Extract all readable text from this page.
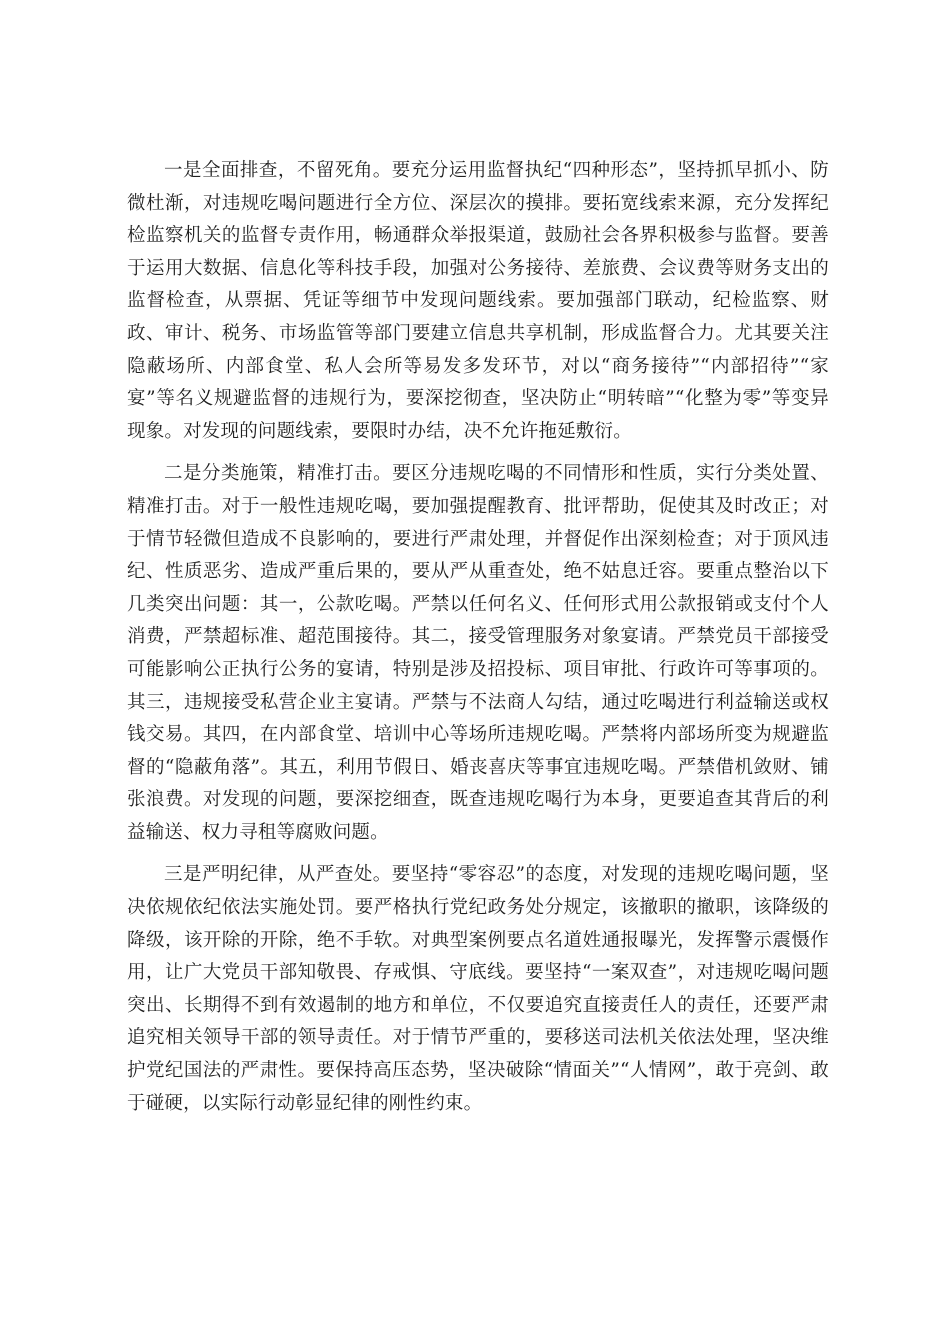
一是全面排查，不留死角。要充分运用监督执纪“四种形态”，坚持抓早抓小、防微杜渐，对违规吃喝问题进行全方位、深层次的摸排。要拓宽线索来源，充分发挥纪检监察机关的监督专责作用，畅通群众举报渠道，鼓励社会各界积极参与监督。要善于运用大数据、信息化等科技手段，加强对公务接待、差旅费、会议费等财务支出的监督检查，从票据、凭证等细节中发现问题线索。要加强部门联动，纪检监察、财政、审计、税务、市场监管等部门要建立信息共享机制，形成监督合力。尤其要关注隐蔽场所、内部食堂、私人会所等易发多发环节，对以“商务接待”“内部招待”“家宴”等名义规避监督的违规行为，要深挖彻查，坚决防止“明转暗”“化整为零”等变异现象。对发现的问题线索，要限时办结，决不允许拖延敷衍。

二是分类施策，精准打击。要区分违规吃喝的不同情形和性质，实行分类处置、精准打击。对于一般性违规吃喝，要加强提醒教育、批评帮助，促使其及时改正；对于情节轻微但造成不良影响的，要进行严肃处理，并督促作出深刻检查；对于顶风违纪、性质恶劣、造成严重后果的，要从严从重查处，绝不姑息迁容。要重点整治以下几类突出问题：其一，公款吃喝。严禁以任何名义、任何形式用公款报销或支付个人消费，严禁超标准、超范围接待。其二，接受管理服务对象宴请。严禁党员干部接受可能影响公正执行公务的宴请，特别是涉及招投标、项目审批、行政许可等事项的。其三，违规接受私营企业主宴请。严禁与不法商人勾结，通过吃喝进行利益输送或权钱交易。其四，在内部食堂、培训中心等场所违规吃喝。严禁将内部场所变为规避监督的“隐蔽角落”。其五，利用节假日、婚丧喜庆等事宜违规吃喝。严禁借机敛财、铺张浪费。对发现的问题，要深挖细查，既查违规吃喝行为本身，更要追查其背后的利益输送、权力寻租等腐败问题。

三是严明纪律，从严查处。要坚持“零容忍”的态度，对发现的违规吃喝问题，坚决依规依纪依法实施处罚。要严格执行党纪政务处分规定，该撤职的撤职，该降级的降级，该开除的开除，绝不手软。对典型案例要点名道姓通报曝光，发挥警示震慑作用，让广大党员干部知敬畏、存戒惧、守底线。要坚持“一案双查”，对违规吃喝问题突出、长期得不到有效遏制的地方和单位，不仅要追究直接责任人的责任，还要严肃追究相关领导干部的领导责任。对于情节严重的，要移送司法机关依法处理，坚决维护党纪国法的严肃性。要保持高压态势，坚决破除“情面关”“人情网”，敢于亮剑、敢于碰硬，以实际行动彰显纪律的刚性约束。
